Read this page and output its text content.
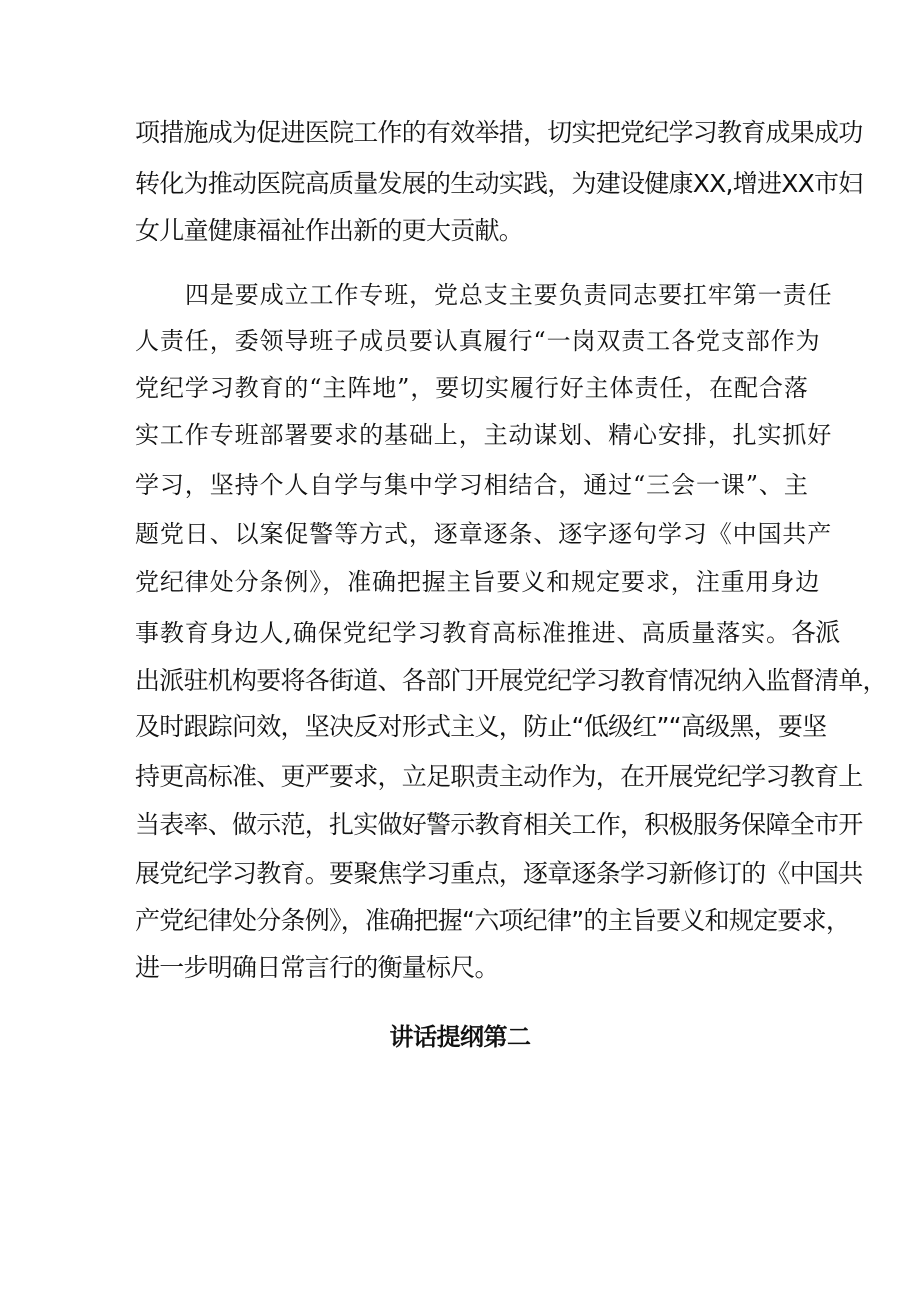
项措施成为促进医院工作的有效举措，切实把党纪学习教育成果成功
转化为推动医院高质量发展的生动实践，为建设健康XX,增进XX市妇
女儿童健康福祉作出新的更大贡献。
四是要成立工作专班，党总支主要负责同志要扛牢第一责任
人责任，委领导班子成员要认真履行“一岗双责工各党支部作为
党纪学习教育的“主阵地”，要切实履行好主体责任，在配合落
实工作专班部署要求的基础上，主动谋划、精心安排，扎实抓好
学习，坚持个人自学与集中学习相结合，通过“三会一课”、主
题党日、以案促警等方式，逐章逐条、逐字逐句学习《中国共产
党纪律处分条例》，准确把握主旨要义和规定要求，注重用身边
事教育身边人,确保党纪学习教育高标准推进、高质量落实。各派
出派驻机构要将各街道、各部门开展党纪学习教育情况纳入监督清单，
及时跟踪问效，坚决反对形式主义，防止“低级红”“高级黑，要坚
持更高标准、更严要求，立足职责主动作为，在开展党纪学习教育上
当表率、做示范，扎实做好警示教育相关工作，积极服务保障全市开
展党纪学习教育。要聚焦学习重点，逐章逐条学习新修订的《中国共
产党纪律处分条例》，准确把握“六项纪律”的主旨要义和规定要求，
进一步明确日常言行的衡量标尺。
讲话提纲第二
